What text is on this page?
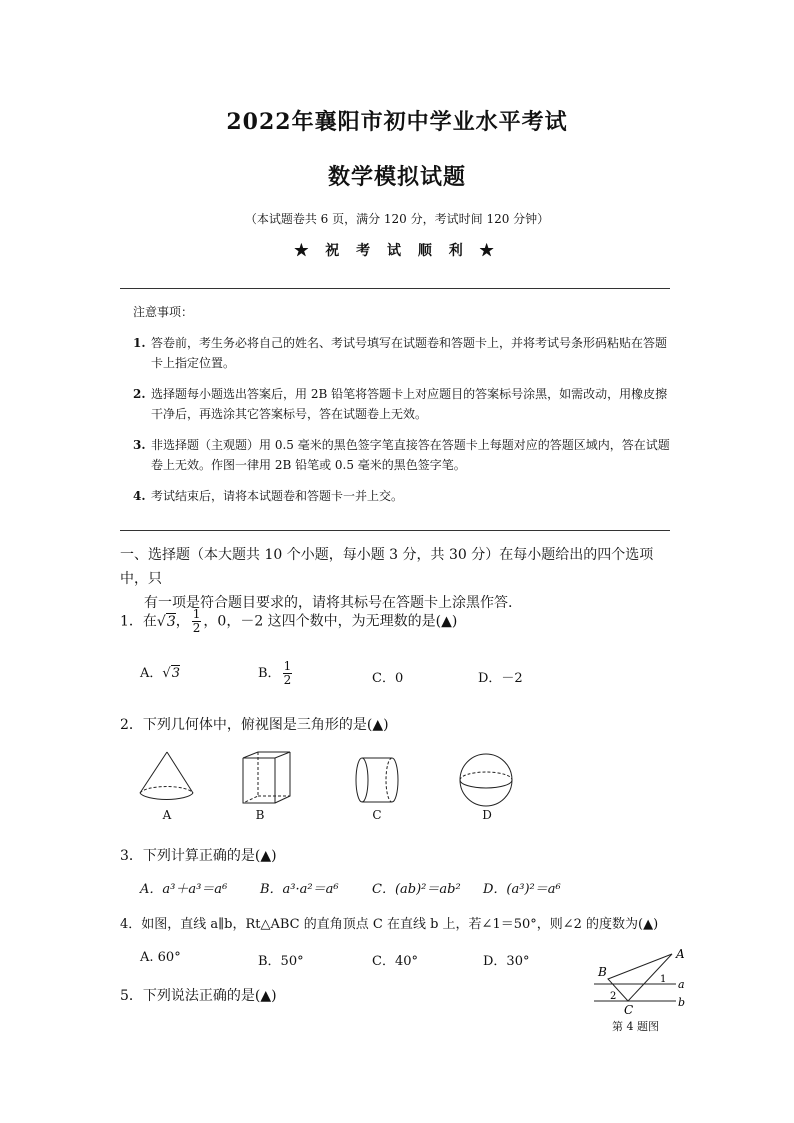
2022年襄阳市初中学业水平考试
数学模拟试题
（本试题卷共 6 页，满分 120 分，考试时间 120 分钟）
★ 祝 考 试 顺 利 ★
注意事项：
1. 答卷前，考生务必将自己的姓名、考试号填写在试题卷和答题卡上，并将考试号条形码粘贴在答题卡上指定位置。
2. 选择题每小题选出答案后，用 2B 铅笔将答题卡上对应题目的答案标号涂黑，如需改动，用橡皮擦干净后，再选涂其它答案标号，答在试题卷上无效。
3. 非选择题（主观题）用 0.5 毫米的黑色签字笔直接答在答题卡上每题对应的答题区域内，答在试题卷上无效。作图一律用 2B 铅笔或 0.5 毫米的黑色签字笔。
4. 考试结束后，请将本试题卷和答题卡一并上交。
一、选择题（本大题共 10 个小题，每小题 3 分，共 30 分）在每小题给出的四个选项中，只
有一项是符合题目要求的，请将其标号在答题卡上涂黑作答.
1．在√3， $\frac{1}{2}$ ，0，－2 这四个数中，为无理数的是(▲)
A．√3	B． $\frac{1}{2}$	C．0	D．－2
2．下列几何体中，俯视图是三角形的是(▲)
A	B	C	D
3．下列计算正确的是(▲)
A．a³＋a³＝a⁶	B．a³·a²＝a⁶	C．(ab)²＝ab² D．(a³)²＝a⁶
4．如图，直线 a∥b，Rt△ABC 的直角顶点 C 在直线 b 上，若∠1＝50°，则∠2 的度数为(▲)
A. 60°	B．50°	C．40°	D．30°	A
B
C
a
b
1
2
第 4 题图
5．下列说法正确的是(▲)
